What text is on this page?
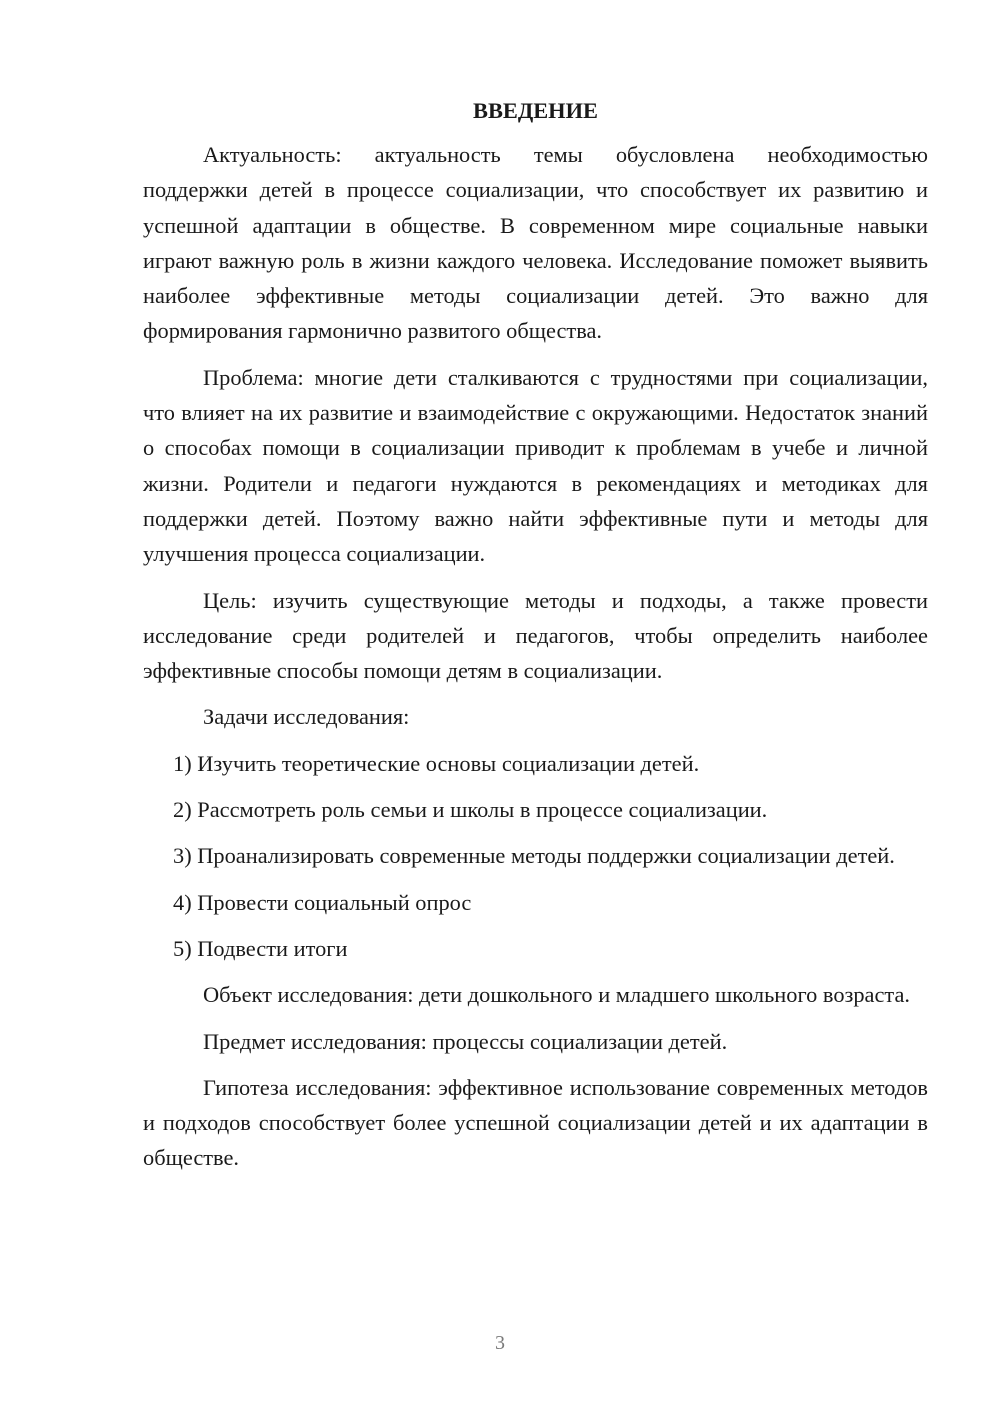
ВВЕДЕНИЕ

Актуальность: актуальность темы обусловлена необходимостью поддержки детей в процессе социализации, что способствует их развитию и успешной адаптации в обществе. В современном мире социальные навыки играют важную роль в жизни каждого человека. Исследование поможет выявить наиболее эффективные методы социализации детей. Это важно для формирования гармонично развитого общества.

Проблема: многие дети сталкиваются с трудностями при социализации, что влияет на их развитие и взаимодействие с окружающими. Недостаток знаний о способах помощи в социализации приводит к проблемам в учебе и личной жизни. Родители и педагоги нуждаются в рекомендациях и методиках для поддержки детей. Поэтому важно найти эффективные пути и методы для улучшения процесса социализации.

Цель: изучить существующие методы и подходы, а также провести исследование среди родителей и педагогов, чтобы определить наиболее эффективные способы помощи детям в социализации.

Задачи исследования:

1) Изучить теоретические основы социализации детей.

2) Рассмотреть роль семьи и школы в процессе социализации.

3) Проанализировать современные методы поддержки социализации детей.

4) Провести социальный опрос

5) Подвести итоги

Объект исследования: дети дошкольного и младшего школьного возраста.

Предмет исследования: процессы социализации детей.

Гипотеза исследования: эффективное использование современных методов и подходов способствует более успешной социализации детей и их адаптации в обществе.

3
